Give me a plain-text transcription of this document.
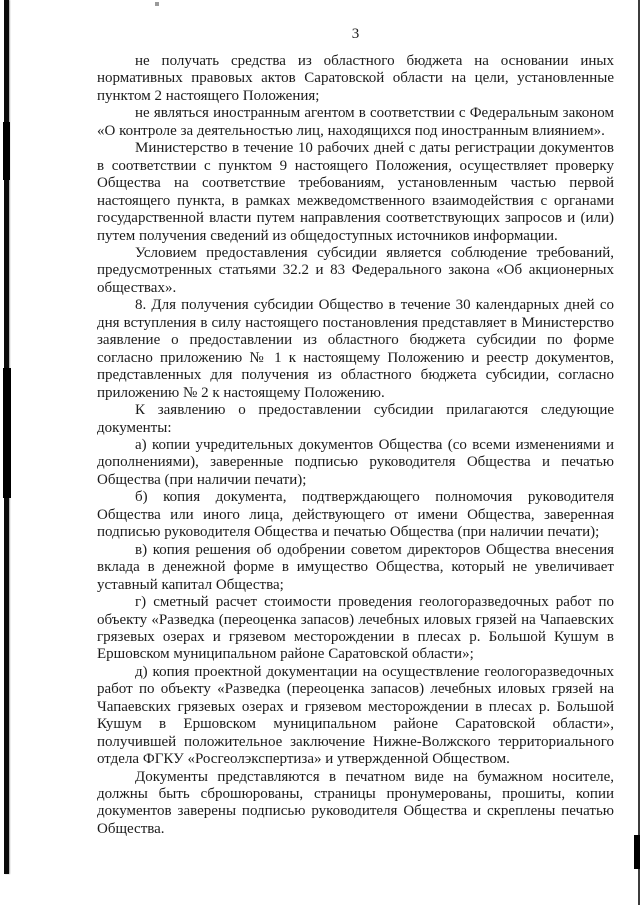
3

не получать средства из областного бюджета на основании иных нормативных правовых актов Саратовской области на цели, установленные пунктом 2 настоящего Положения;

не являться иностранным агентом в соответствии с Федеральным законом «О контроле за деятельностью лиц, находящихся под иностранным влиянием».

Министерство в течение 10 рабочих дней с даты регистрации документов в соответствии с пунктом 9 настоящего Положения, осуществляет проверку Общества на соответствие требованиям, установленным частью первой настоящего пункта, в рамках межведомственного взаимодействия с органами государственной власти путем направления соответствующих запросов и (или) путем получения сведений из общедоступных источников информации.

Условием предоставления субсидии является соблюдение требований, предусмотренных статьями 32.2 и 83 Федерального закона «Об акционерных обществах».

8. Для получения субсидии Общество в течение 30 календарных дней со дня вступления в силу настоящего постановления представляет в Министерство заявление о предоставлении из областного бюджета субсидии по форме согласно приложению № 1 к настоящему Положению и реестр документов, представленных для получения из областного бюджета субсидии, согласно приложению № 2 к настоящему Положению.

К заявлению о предоставлении субсидии прилагаются следующие документы:

а) копии учредительных документов Общества (со всеми изменениями и дополнениями), заверенные подписью руководителя Общества и печатью Общества (при наличии печати);

б) копия документа, подтверждающего полномочия руководителя Общества или иного лица, действующего от имени Общества, заверенная подписью руководителя Общества и печатью Общества (при наличии печати);

в) копия решения об одобрении советом директоров Общества внесения вклада в денежной форме в имущество Общества, который не увеличивает уставный капитал Общества;

г) сметный расчет стоимости проведения геологоразведочных работ по объекту «Разведка (переоценка запасов) лечебных иловых грязей на Чапаевских грязевых озерах и грязевом месторождении в плесах р. Большой Кушум в Ершовском муниципальном районе Саратовской области»;

д) копия проектной документации на осуществление геологоразведочных работ по объекту «Разведка (переоценка запасов) лечебных иловых грязей на Чапаевских грязевых озерах и грязевом месторождении в плесах р. Большой Кушум в Ершовском муниципальном районе Саратовской области», получившей положительное заключение Нижне-Волжского территориального отдела ФГКУ «Росгеолэкспертиза» и утвержденной Обществом.

Документы представляются в печатном виде на бумажном носителе, должны быть сброшюрованы, страницы пронумерованы, прошиты, копии документов заверены подписью руководителя Общества и скреплены печатью Общества.
